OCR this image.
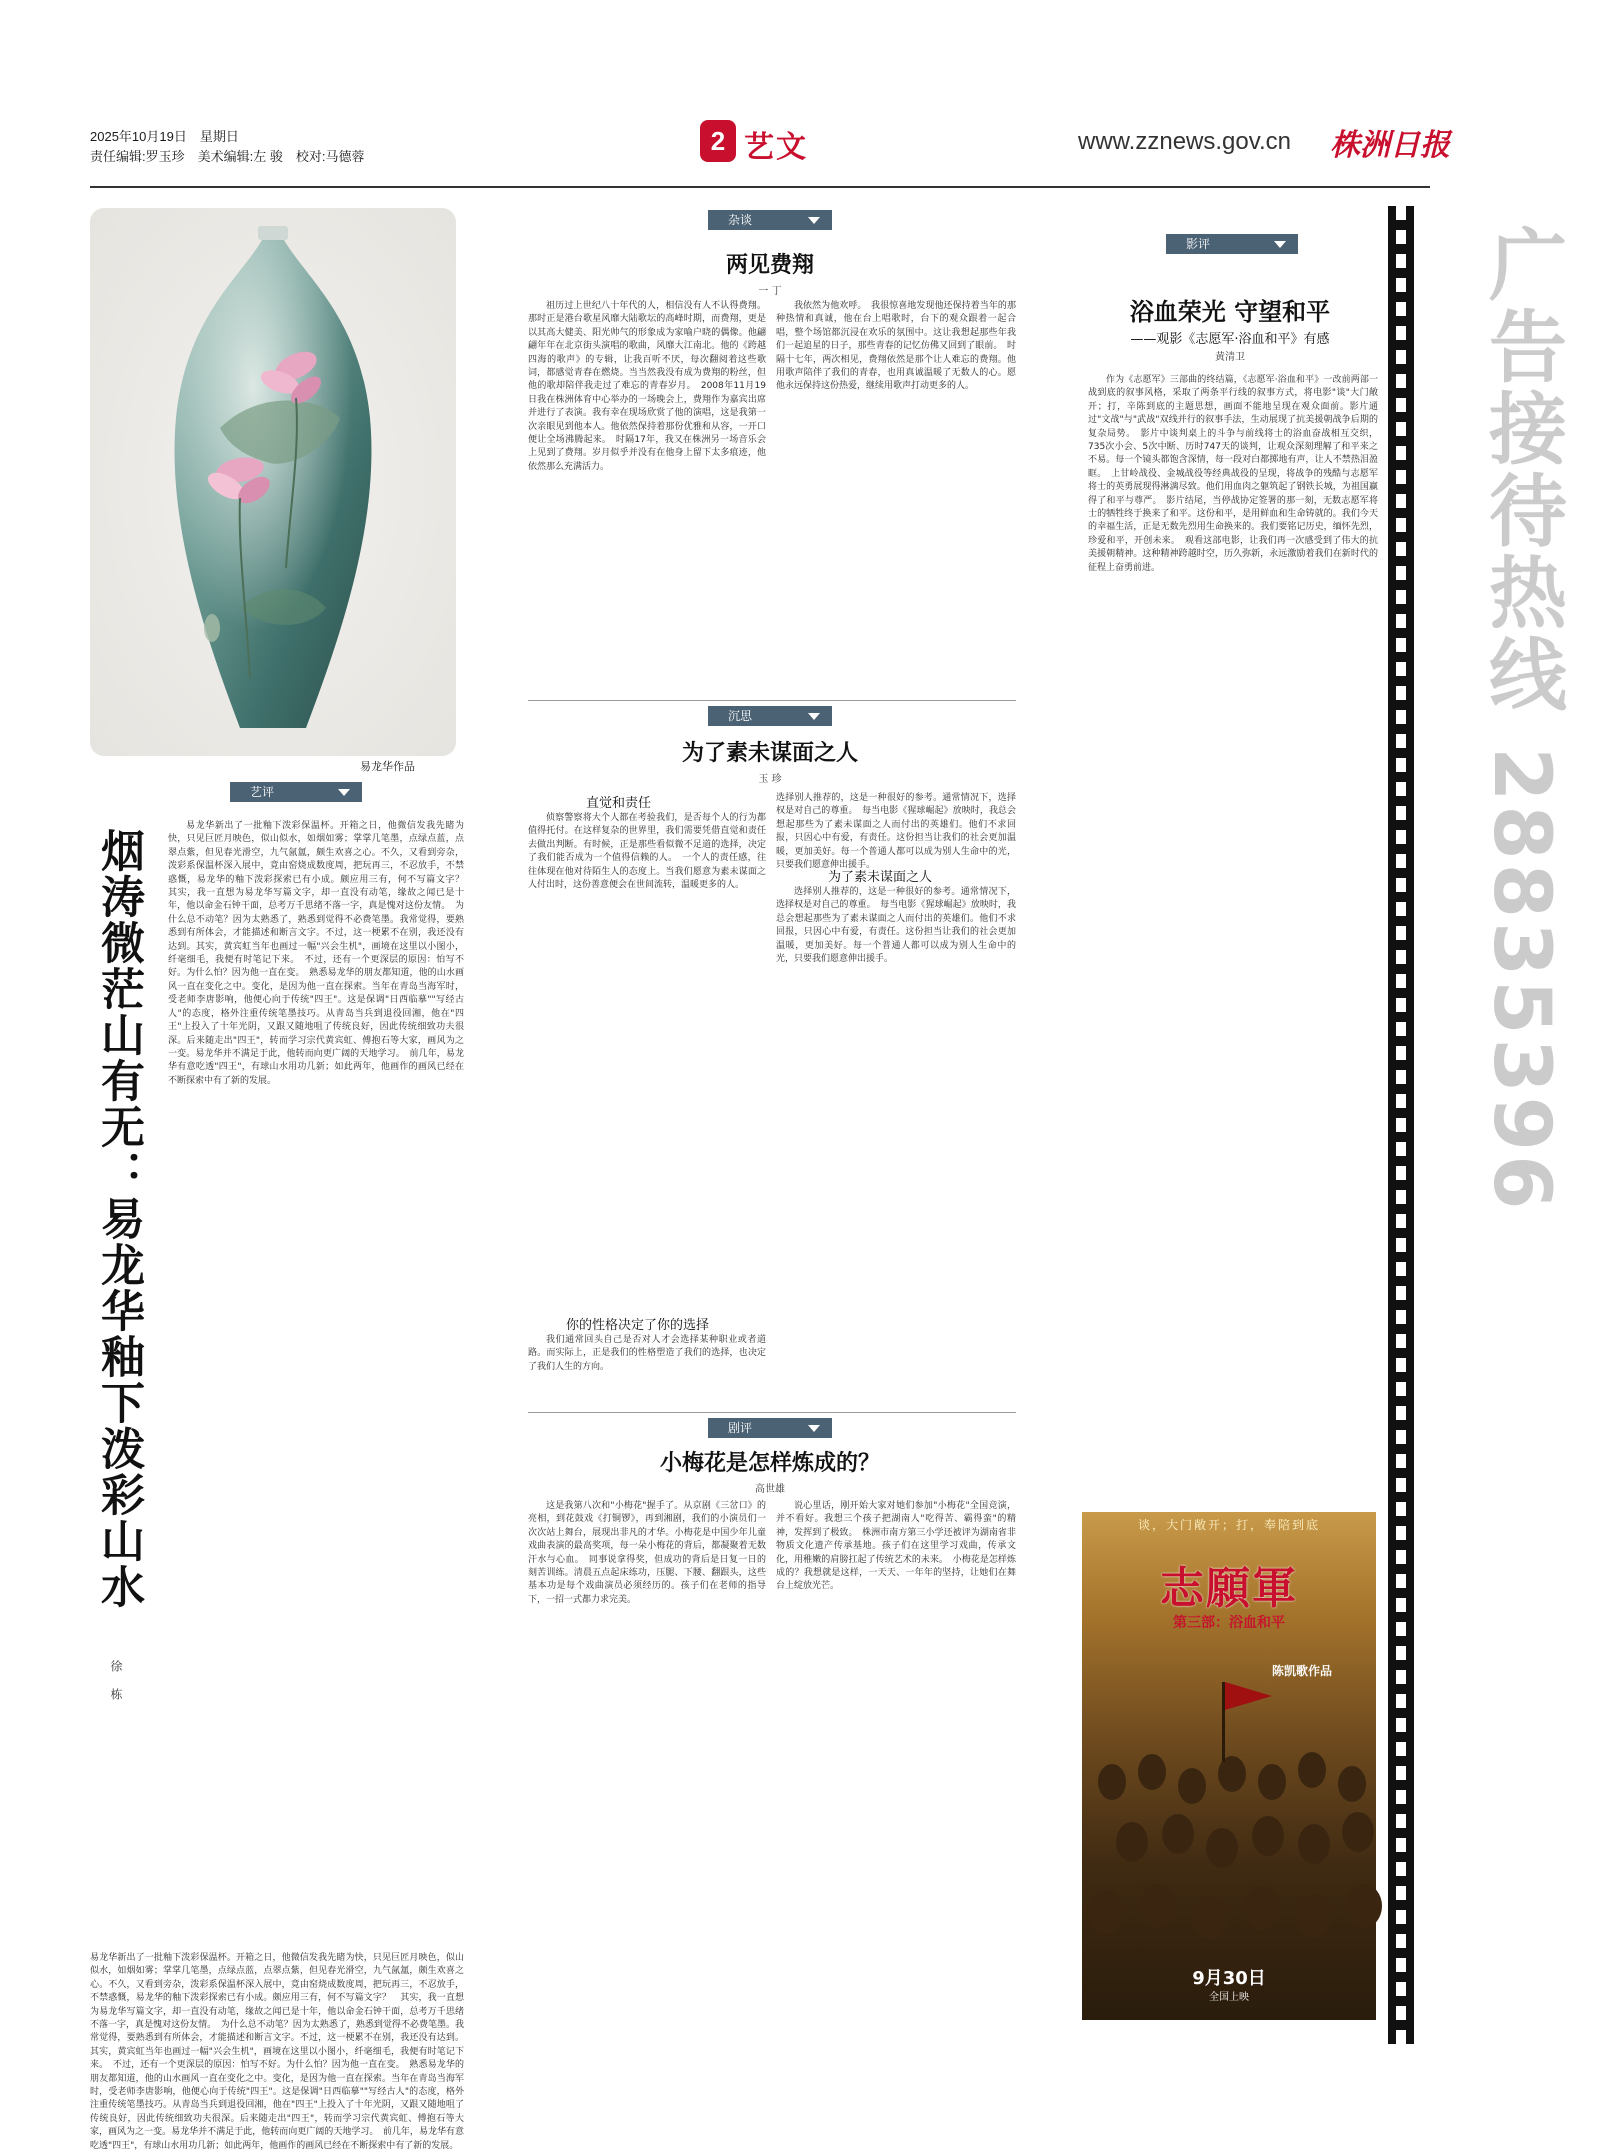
2025年10月19日　星期日
责任编辑:罗玉珍　美术编辑:左 骏　校对:马德蓉
2 艺文	www.zznews.gov.cn 株洲日报
易龙华作品
艺评
烟涛微茫山有无：易龙华釉下泼彩山水
徐 栋
易龙华新出了一批釉下泼彩保温杯。开箱之日，他微信发我先睹为快，只见巨匠月映色，似山似水，如烟如雾；掌掌几笔墨，点绿点蓝，点翠点紫，但见春光滑空，九气氤氲，颇生欢喜之心。不久，又看到旁杂，泼彩系保温杯深入展中，竟由窑烧成数度周，把玩再三，不忍放手，不禁惑慨，易龙华的釉下泼彩探索已有小成。颇应用三有，何不写篇文字？　其实，我一直想为易龙华写篇文字，却一直没有动笔，缘故之闻已是十年，他以命金石钟干面，总考万千思绪不落一字，真是愧对这份友情。　为什么总不动笔？因为太熟悉了，熟悉到觉得不必费笔墨。我常觉得，要熟悉到有所体会，才能描述和断言文字。不过，这一梗累不在别，我还没有达到。其实，黄宾虹当年也画过一幅"兴会生机"，画境在这里以小图小，纤毫细毛，我便有时笔记下来。　不过，还有一个更深层的原因：怕写不好。为什么怕？因为他一直在变。　熟悉易龙华的朋友都知道，他的山水画风一直在变化之中。变化，是因为他一直在探索。当年在青岛当海军时，受老师李唐影响，他便心向于传统"四王"。这是保调"日西临摹""写经古人"的态度，格外注重传统笔墨技巧。从青岛当兵到退役回湘，他在"四王"上投入了十年光阴，又跟又随地咀了传统良好，因此传统细致功夫很深。后来随走出"四王"，转而学习宗代黄宾虹、傅抱石等大家，画风为之一变。易龙华并不满足于此，他转而向更广阔的天地学习。　前几年，易龙华有意吃透"四王"，有球山水用功几新；如此两年，他画作的画风已经在不断探索中有了新的发展。
易龙华新出了一批釉下泼彩保温杯。开箱之日，他微信发我先睹为快，只见巨匠月映色，似山似水，如烟如雾；掌掌几笔墨，点绿点蓝，点翠点紫，但见春光滑空，九气氤氲，颇生欢喜之心。不久，又看到旁杂，泼彩系保温杯深入展中，竟由窑烧成数度周，把玩再三，不忍放手，不禁惑慨，易龙华的釉下泼彩探索已有小成。颇应用三有，何不写篇文字？　其实，我一直想为易龙华写篇文字，却一直没有动笔，缘故之闻已是十年，他以命金石钟干面，总考万千思绪不落一字，真是愧对这份友情。　为什么总不动笔？因为太熟悉了，熟悉到觉得不必费笔墨。我常觉得，要熟悉到有所体会，才能描述和断言文字。不过，这一梗累不在别，我还没有达到。其实，黄宾虹当年也画过一幅"兴会生机"，画境在这里以小图小，纤毫细毛，我便有时笔记下来。　不过，还有一个更深层的原因：怕写不好。为什么怕？因为他一直在变。　熟悉易龙华的朋友都知道，他的山水画风一直在变化之中。变化，是因为他一直在探索。当年在青岛当海军时，受老师李唐影响，他便心向于传统"四王"。这是保调"日西临摹""写经古人"的态度，格外注重传统笔墨技巧。从青岛当兵到退役回湘，他在"四王"上投入了十年光阴，又跟又随地咀了传统良好，因此传统细致功夫很深。后来随走出"四王"，转而学习宗代黄宾虹、傅抱石等大家，画风为之一变。易龙华并不满足于此，他转而向更广阔的天地学习。　前几年，易龙华有意吃透"四王"，有球山水用功几新；如此两年，他画作的画风已经在不断探索中有了新的发展。
杂谈
两见费翔
一 丁
祖历过上世纪八十年代的人，相信没有人不认得费翔。那时正是港台歌星风靡大陆歌坛的高峰时期，而费翔，更是以其高大健美、阳光帅气的形象成为家喻户晓的偶像。他翩翩年年在北京街头演唱的歌曲，风靡大江南北。他的《跨越四海的歌声》的专辑，让我百听不厌，每次翻阅着这些歌词，都感觉青春在燃烧。当当然我没有成为费翔的粉丝，但他的歌却陪伴我走过了难忘的青春岁月。　2008年11月19日我在株洲体育中心举办的一场晚会上，费翔作为嘉宾出席并进行了表演。我有幸在现场欣赏了他的演唱，这是我第一次亲眼见到他本人。他依然保持着那份优雅和从容，一开口便让全场沸腾起来。　时隔17年，我又在株洲另一场音乐会上见到了费翔。岁月似乎并没有在他身上留下太多痕迹，他依然那么充满活力。
我依然为他欢呼。　我很惊喜地发现他还保持着当年的那种热情和真诚，他在台上唱歌时，台下的观众跟着一起合唱，整个场馆都沉浸在欢乐的氛围中。这让我想起那些年我们一起追星的日子，那些青春的记忆仿佛又回到了眼前。　时隔十七年，两次相见，费翔依然是那个让人难忘的费翔。他用歌声陪伴了我们的青春，也用真诚温暖了无数人的心。愿他永远保持这份热爱，继续用歌声打动更多的人。
沉思
为了素未谋面之人
玉 珍
直觉和责任
侦察警察将大个人都在考验我们，是否每个人的行为都值得托付。在这样复杂的世界里，我们需要凭借直觉和责任去做出判断。有时候，正是那些看似微不足道的选择，决定了我们能否成为一个值得信赖的人。　一个人的责任感，往往体现在他对待陌生人的态度上。当我们愿意为素未谋面之人付出时，这份善意便会在世间流转，温暖更多的人。
你的性格决定了你的选择
我们通常回头自己是否对人才会选择某种职业或者道路。而实际上，正是我们的性格塑造了我们的选择，也决定了我们人生的方向。
选择别人推荐的，这是一种很好的参考。通常情况下，选择权是对自己的尊重。　每当电影《猩球崛起》放映时，我总会想起那些为了素未谋面之人而付出的英雄们。他们不求回报，只因心中有爱，有责任。这份担当让我们的社会更加温暖，更加美好。每一个普通人都可以成为别人生命中的光，只要我们愿意伸出援手。
为了素未谋面之人
选择别人推荐的，这是一种很好的参考。通常情况下，选择权是对自己的尊重。　每当电影《猩球崛起》放映时，我总会想起那些为了素未谋面之人而付出的英雄们。他们不求回报，只因心中有爱，有责任。这份担当让我们的社会更加温暖，更加美好。每一个普通人都可以成为别人生命中的光，只要我们愿意伸出援手。
剧评
小梅花是怎样炼成的？
高世雄
这是我第八次和"小梅花"握手了。从京剧《三岔口》的亮相，到花鼓戏《打铜锣》，再到湘剧，我们的小演员们一次次站上舞台，展现出非凡的才华。小梅花是中国少年儿童戏曲表演的最高奖项，每一朵小梅花的背后，都凝聚着无数汗水与心血。　同事说拿得奖，但成功的背后是日复一日的刻苦训练。清晨五点起床练功，压腿、下腰、翻跟头，这些基本功是每个戏曲演员必须经历的。孩子们在老师的指导下，一招一式都力求完美。
说心里话，刚开始大家对她们参加"小梅花"全国竞演，并不看好。我想三个孩子把湖南人"吃得苦、霸得蛮"的精神，发挥到了极致。　株洲市南方第三小学还被评为湖南省非物质文化遗产传承基地。孩子们在这里学习戏曲，传承文化，用稚嫩的肩膀扛起了传统艺术的未来。　小梅花是怎样炼成的？我想就是这样，一天天、一年年的坚持，让她们在舞台上绽放光芒。
影评
浴血荣光 守望和平
——观影《志愿军·浴血和平》有感
黄清卫
作为《志愿军》三部曲的终结篇，《志愿军·浴血和平》一改前两部一战到底的叙事风格，采取了两条平行线的叙事方式，将电影"谈"大门敞开；打，辛陈到底的主题思想，画面不能地呈现在观众面前。影片通过"文战"与"武战"双线并行的叙事手法，生动展现了抗美援朝战争后期的复杂局势。　影片中谈判桌上的斗争与前线将士的浴血奋战相互交织，735次小会、5次中断、历时747天的谈判，让观众深刻理解了和平来之不易。每一个镜头都饱含深情，每一段对白都掷地有声，让人不禁热泪盈眶。　上甘岭战役、金城战役等经典战役的呈现，将战争的残酷与志愿军将士的英勇展现得淋漓尽致。他们用血肉之躯筑起了钢铁长城，为祖国赢得了和平与尊严。　影片结尾，当停战协定签署的那一刻，无数志愿军将士的牺牲终于换来了和平。这份和平，是用鲜血和生命铸就的。我们今天的幸福生活，正是无数先烈用生命换来的。我们要铭记历史，缅怀先烈，珍爱和平，开创未来。　观看这部电影，让我们再一次感受到了伟大的抗美援朝精神。这种精神跨越时空，历久弥新，永远激励着我们在新时代的征程上奋勇前进。
谈，大门敞开；打，奉陪到底
志願軍
第三部：浴血和平
陈凯歌作品
9月30日
全国上映
广告接待热线 28835396
